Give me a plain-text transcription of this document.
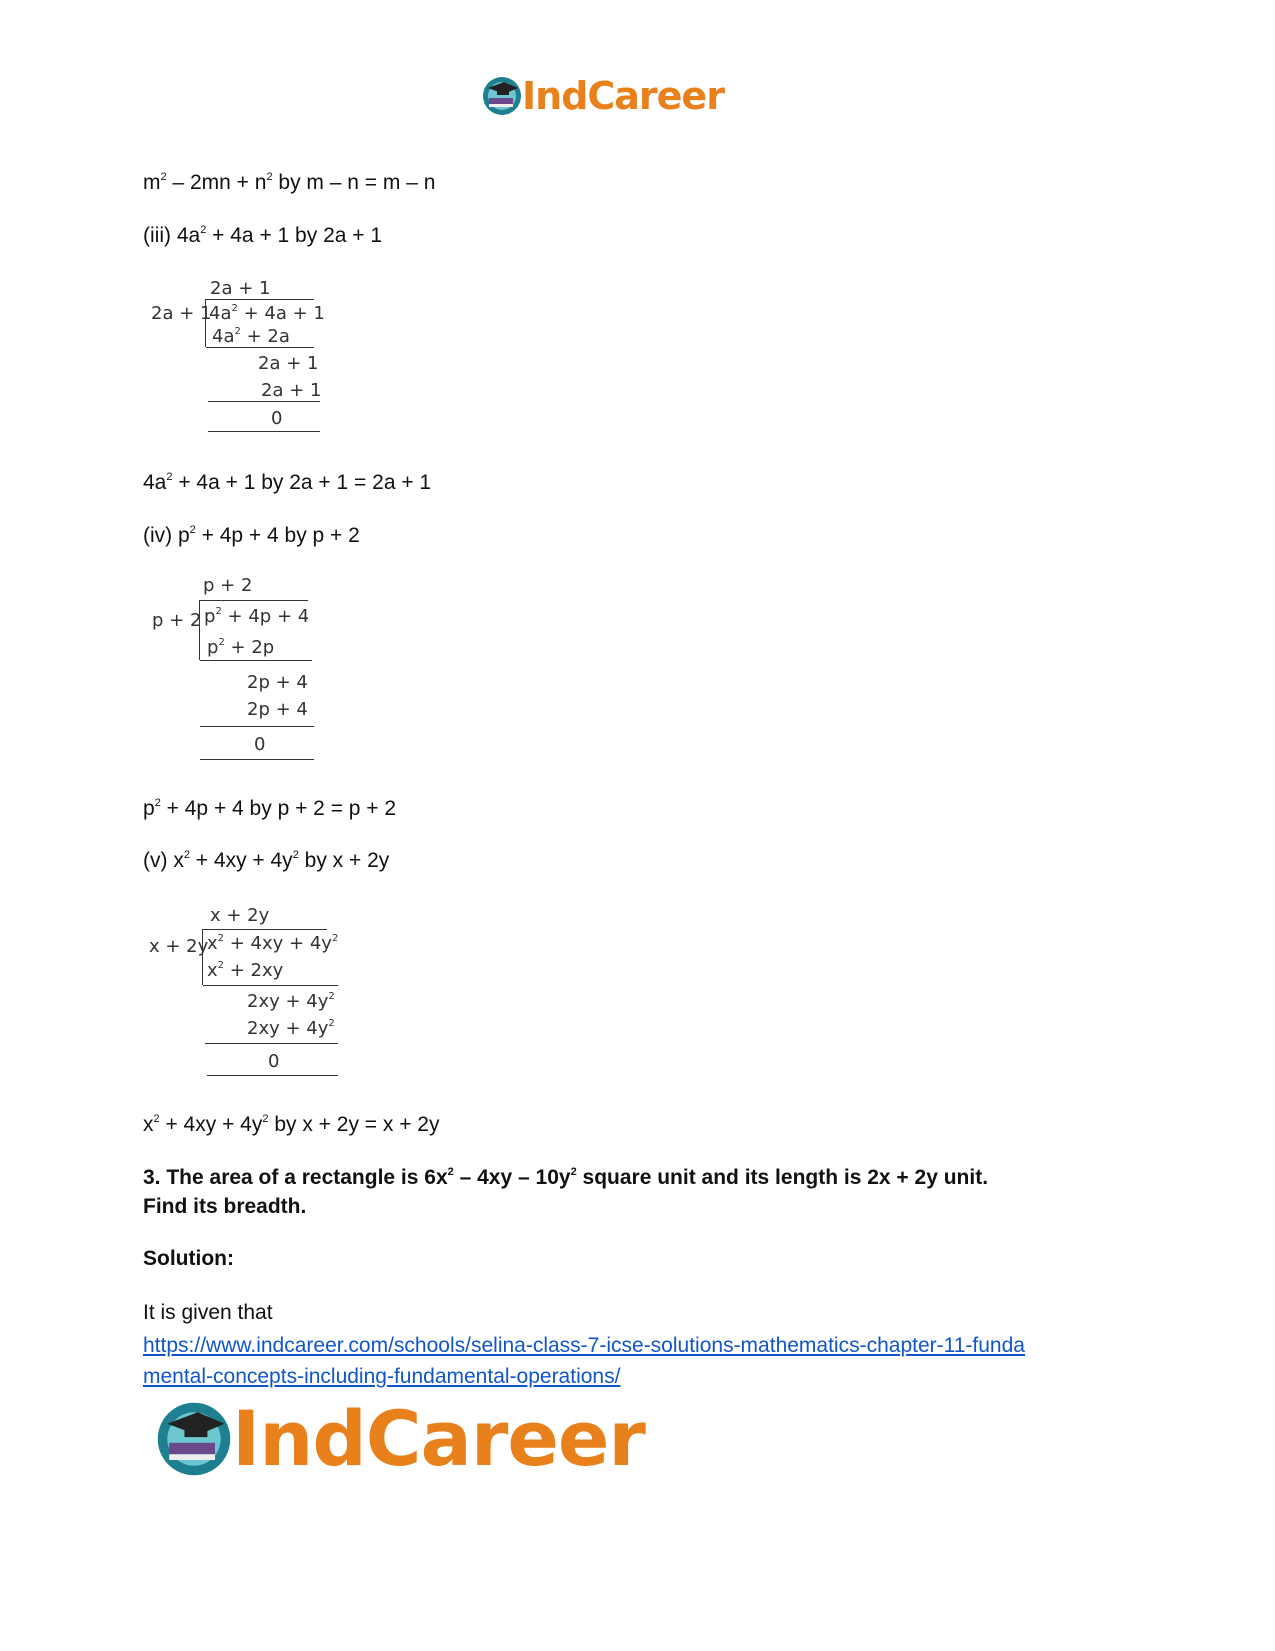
IndCareer
$m^2 - 2mn + n^2$ by m – n = m – n
(iii) $4a^2 + 4a + 1$ by 2a + 1
2a + 1
2a + 1
$4a^2 + 4a + 1$
$4a^2 + 2a$
2a + 1
2a + 1
0
$4a^2 + 4a + 1$ by 2a + 1 = 2a + 1
(iv) $p^2 + 4p + 4$ by p + 2
p + 2
p + 2 $p^2 + 4p + 4$
$p^2 + 2p$
2p + 4
2p + 4
0
$p^2 + 4p + 4$ by p + 2 = p + 2
(v) $x^2 + 4xy + 4y^2$ by x + 2y
x + 2y
x + 2y
$x^2 + 4xy + 4y^2$
$x^2 + 2xy$
$2xy + 4y^2$
$2xy + 4y^2$
0
$x^2 + 4xy + 4y^2$ by x + 2y = x + 2y
3. The area of a rectangle is $6x^2 - 4xy - 10y^2$ square unit and its length is 2x + 2y unit.
Find its breadth.
Solution:
It is given that
https://www.indcareer.com/schools/selina-class-7-icse-solutions-mathematics-chapter-11-funda
mental-concepts-including-fundamental-operations/
IndCareer
